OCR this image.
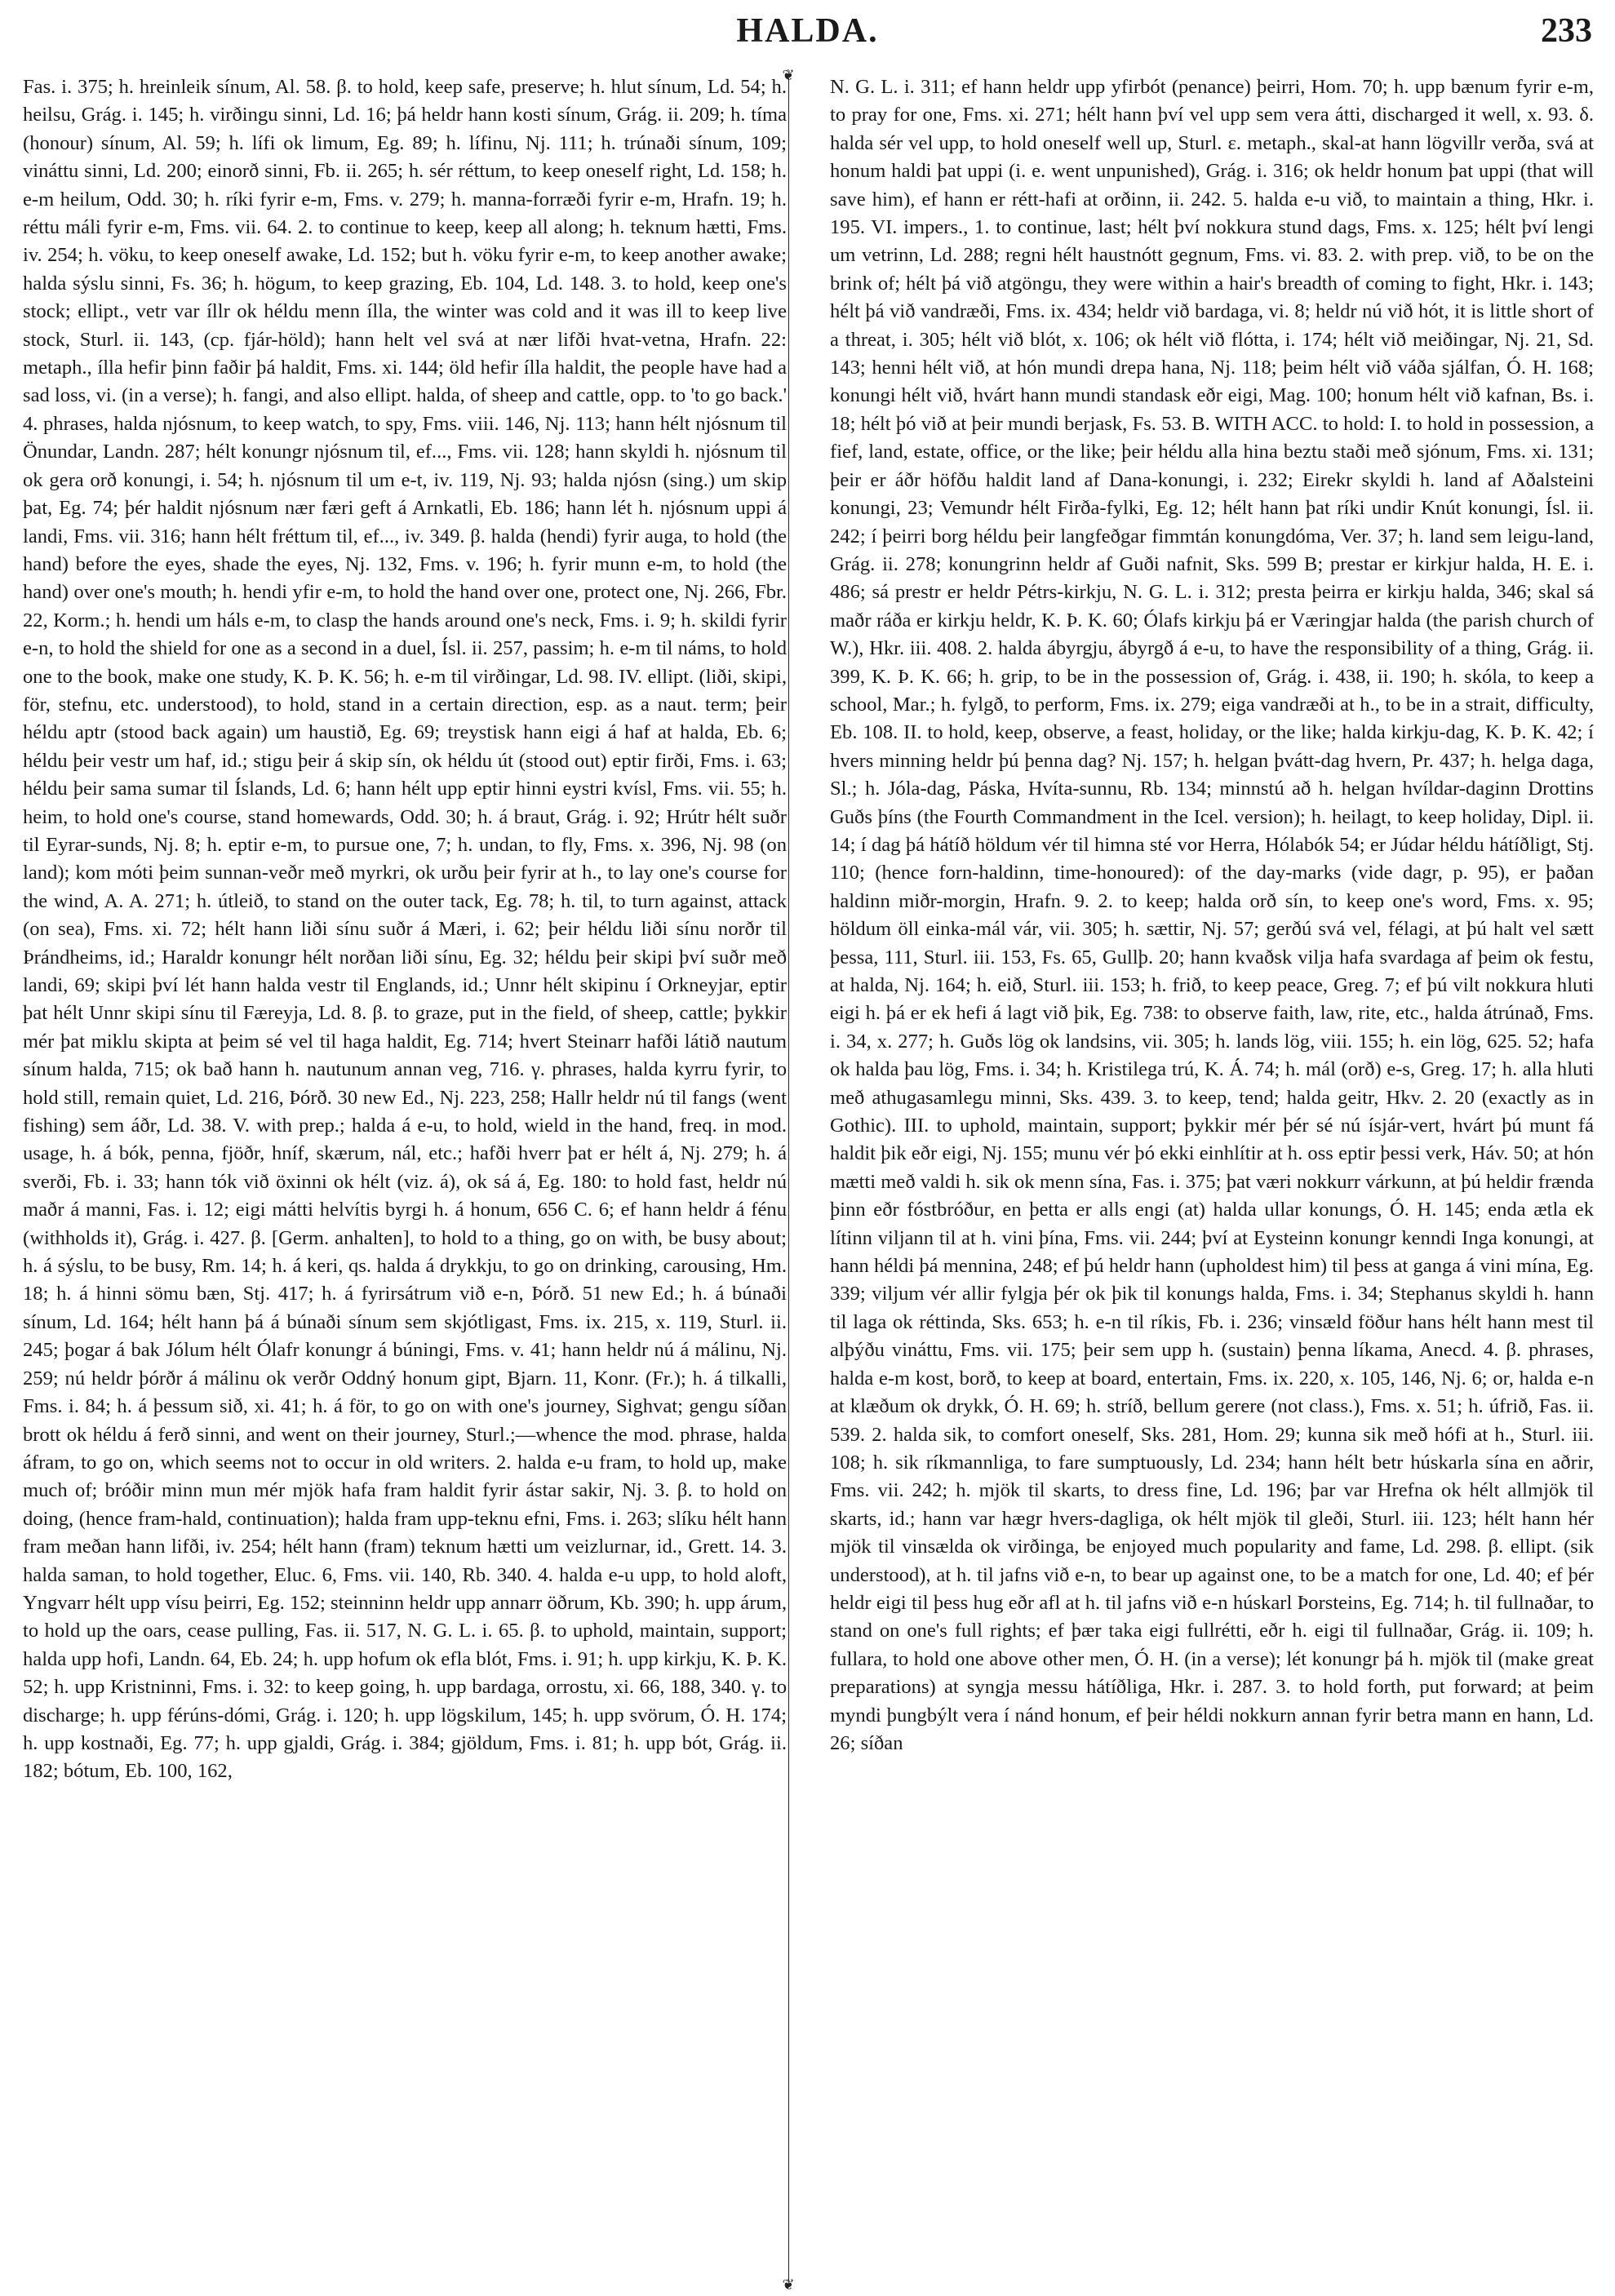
HALDA.	233
❦
❦
Fas. i. 375; h. hreinleik sínum, Al. 58. β. to hold, keep safe, preserve; h. hlut sínum, Ld. 54; h. heilsu, Grág. i. 145; h. virðingu sinni, Ld. 16; þá heldr hann kosti sínum, Grág. ii. 209; h. tíma (honour) sínum, Al. 59; h. lífi ok limum, Eg. 89; h. lífinu, Nj. 111; h. trúnaði sínum, 109; vináttu sinni, Ld. 200; einorð sinni, Fb. ii. 265; h. sér réttum, to keep oneself right, Ld. 158; h. e-m heilum, Odd. 30; h. ríki fyrir e-m, Fms. v. 279; h. manna-forræði fyrir e-m, Hrafn. 19; h. réttu máli fyrir e-m, Fms. vii. 64. 2. to continue to keep, keep all along; h. teknum hætti, Fms. iv. 254; h. vöku, to keep oneself awake, Ld. 152; but h. vöku fyrir e-m, to keep another awake; halda sýslu sinni, Fs. 36; h. högum, to keep grazing, Eb. 104, Ld. 148. 3. to hold, keep one's stock; ellipt., vetr var íllr ok héldu menn ílla, the winter was cold and it was ill to keep live stock, Sturl. ii. 143, (cp. fjár-höld); hann helt vel svá at nær lifði hvat-vetna, Hrafn. 22: metaph., ílla hefir þinn faðir þá haldit, Fms. xi. 144; öld hefir ílla haldit, the people have had a sad loss, vi. (in a verse); h. fangi, and also ellipt. halda, of sheep and cattle, opp. to 'to go back.' 4. phrases, halda njósnum, to keep watch, to spy, Fms. viii. 146, Nj. 113; hann hélt njósnum til Önundar, Landn. 287; hélt konungr njósnum til, ef..., Fms. vii. 128; hann skyldi h. njósnum til ok gera orð konungi, i. 54; h. njósnum til um e-t, iv. 119, Nj. 93; halda njósn (sing.) um skip þat, Eg. 74; þér haldit njósnum nær færi geft á Arnkatli, Eb. 186; hann lét h. njósnum uppi á landi, Fms. vii. 316; hann hélt fréttum til, ef..., iv. 349. β. halda (hendi) fyrir auga, to hold (the hand) before the eyes, shade the eyes, Nj. 132, Fms. v. 196; h. fyrir munn e-m, to hold (the hand) over one's mouth; h. hendi yfir e-m, to hold the hand over one, protect one, Nj. 266, Fbr. 22, Korm.; h. hendi um háls e-m, to clasp the hands around one's neck, Fms. i. 9; h. skildi fyrir e-n, to hold the shield for one as a second in a duel, Ísl. ii. 257, passim; h. e-m til náms, to hold one to the book, make one study, K. Þ. K. 56; h. e-m til virðingar, Ld. 98. IV. ellipt. (liði, skipi, för, stefnu, etc. understood), to hold, stand in a certain direction, esp. as a naut. term; þeir héldu aptr (stood back again) um haustið, Eg. 69; treystisk hann eigi á haf at halda, Eb. 6; héldu þeir vestr um haf, id.; stigu þeir á skip sín, ok héldu út (stood out) eptir firði, Fms. i. 63; héldu þeir sama sumar til Íslands, Ld. 6; hann hélt upp eptir hinni eystri kvísl, Fms. vii. 55; h. heim, to hold one's course, stand homewards, Odd. 30; h. á braut, Grág. i. 92; Hrútr hélt suðr til Eyrar-sunds, Nj. 8; h. eptir e-m, to pursue one, 7; h. undan, to fly, Fms. x. 396, Nj. 98 (on land); kom móti þeim sunnan-veðr með myrkri, ok urðu þeir fyrir at h., to lay one's course for the wind, A. A. 271; h. útleið, to stand on the outer tack, Eg. 78; h. til, to turn against, attack (on sea), Fms. xi. 72; hélt hann liði sínu suðr á Mæri, i. 62; þeir héldu liði sínu norðr til Þrándheims, id.; Haraldr konungr hélt norðan liði sínu, Eg. 32; héldu þeir skipi því suðr með landi, 69; skipi því lét hann halda vestr til Englands, id.; Unnr hélt skipinu í Orkneyjar, eptir þat hélt Unnr skipi sínu til Færeyja, Ld. 8. β. to graze, put in the field, of sheep, cattle; þykkir mér þat miklu skipta at þeim sé vel til haga haldit, Eg. 714; hvert Steinarr hafði látið nautum sínum halda, 715; ok bað hann h. nautunum annan veg, 716. γ. phrases, halda kyrru fyrir, to hold still, remain quiet, Ld. 216, Þórð. 30 new Ed., Nj. 223, 258; Hallr heldr nú til fangs (went fishing) sem áðr, Ld. 38. V. with prep.; halda á e-u, to hold, wield in the hand, freq. in mod. usage, h. á bók, penna, fjöðr, hníf, skærum, nál, etc.; hafði hverr þat er hélt á, Nj. 279; h. á sverði, Fb. i. 33; hann tók við öxinni ok hélt (viz. á), ok sá á, Eg. 180: to hold fast, heldr nú maðr á manni, Fas. i. 12; eigi mátti helvítis byrgi h. á honum, 656 C. 6; ef hann heldr á fénu (withholds it), Grág. i. 427. β. [Germ. anhalten], to hold to a thing, go on with, be busy about; h. á sýslu, to be busy, Rm. 14; h. á keri, qs. halda á drykkju, to go on drinking, carousing, Hm. 18; h. á hinni sömu bæn, Stj. 417; h. á fyrirsátrum við e-n, Þórð. 51 new Ed.; h. á búnaði sínum, Ld. 164; hélt hann þá á búnaði sínum sem skjótligast, Fms. ix. 215, x. 119, Sturl. ii. 245; þogar á bak Jólum hélt Ólafr konungr á búningi, Fms. v. 41; hann heldr nú á málinu, Nj. 259; nú heldr þórðr á málinu ok verðr Oddný honum gipt, Bjarn. 11, Konr. (Fr.); h. á tilkalli, Fms. i. 84; h. á þessum sið, xi. 41; h. á för, to go on with one's journey, Sighvat; gengu síðan brott ok héldu á ferð sinni, and went on their journey, Sturl.;—whence the mod. phrase, halda áfram, to go on, which seems not to occur in old writers. 2. halda e-u fram, to hold up, make much of; bróðir minn mun mér mjök hafa fram haldit fyrir ástar sakir, Nj. 3. β. to hold on doing, (hence fram-hald, continuation); halda fram upp-teknu efni, Fms. i. 263; slíku hélt hann fram meðan hann lifði, iv. 254; hélt hann (fram) teknum hætti um veizlurnar, id., Grett. 14. 3. halda saman, to hold together, Eluc. 6, Fms. vii. 140, Rb. 340. 4. halda e-u upp, to hold aloft, Yngvarr hélt upp vísu þeirri, Eg. 152; steinninn heldr upp annarr öðrum, Kb. 390; h. upp árum, to hold up the oars, cease pulling, Fas. ii. 517, N. G. L. i. 65. β. to uphold, maintain, support; halda upp hofi, Landn. 64, Eb. 24; h. upp hofum ok efla blót, Fms. i. 91; h. upp kirkju, K. Þ. K. 52; h. upp Kristninni, Fms. i. 32: to keep going, h. upp bardaga, orrostu, xi. 66, 188, 340. γ. to discharge; h. upp férúns-dómi, Grág. i. 120; h. upp lögskilum, 145; h. upp svörum, Ó. H. 174; h. upp kostnaði, Eg. 77; h. upp gjaldi, Grág. i. 384; gjöldum, Fms. i. 81; h. upp bót, Grág. ii. 182; bótum, Eb. 100, 162,
N. G. L. i. 311; ef hann heldr upp yfirbót (penance) þeirri, Hom. 70; h. upp bænum fyrir e-m, to pray for one, Fms. xi. 271; hélt hann því vel upp sem vera átti, discharged it well, x. 93. δ. halda sér vel upp, to hold oneself well up, Sturl. ε. metaph., skal-at hann lögvillr verða, svá at honum haldi þat uppi (i. e. went unpunished), Grág. i. 316; ok heldr honum þat uppi (that will save him), ef hann er rétt-hafi at orðinn, ii. 242. 5. halda e-u við, to maintain a thing, Hkr. i. 195. VI. impers., 1. to continue, last; hélt því nokkura stund dags, Fms. x. 125; hélt því lengi um vetrinn, Ld. 288; regni hélt haustnótt gegnum, Fms. vi. 83. 2. with prep. við, to be on the brink of; hélt þá við atgöngu, they were within a hair's breadth of coming to fight, Hkr. i. 143; hélt þá við vandræði, Fms. ix. 434; heldr við bardaga, vi. 8; heldr nú við hót, it is little short of a threat, i. 305; hélt við blót, x. 106; ok hélt við flótta, i. 174; hélt við meiðingar, Nj. 21, Sd. 143; henni hélt við, at hón mundi drepa hana, Nj. 118; þeim hélt við váða sjálfan, Ó. H. 168; konungi hélt við, hvárt hann mundi standask eðr eigi, Mag. 100; honum hélt við kafnan, Bs. i. 18; hélt þó við at þeir mundi berjask, Fs. 53. B. WITH ACC. to hold: I. to hold in possession, a fief, land, estate, office, or the like; þeir héldu alla hina beztu staði með sjónum, Fms. xi. 131; þeir er áðr höfðu haldit land af Dana-konungi, i. 232; Eirekr skyldi h. land af Aðalsteini konungi, 23; Vemundr hélt Firða-fylki, Eg. 12; hélt hann þat ríki undir Knút konungi, Ísl. ii. 242; í þeirri borg héldu þeir langfeðgar fimmtán konungdóma, Ver. 37; h. land sem leigu-land, Grág. ii. 278; konungrinn heldr af Guði nafnit, Sks. 599 B; prestar er kirkjur halda, H. E. i. 486; sá prestr er heldr Pétrs-kirkju, N. G. L. i. 312; presta þeirra er kirkju halda, 346; skal sá maðr ráða er kirkju heldr, K. Þ. K. 60; Ólafs kirkju þá er Væringjar halda (the parish church of W.), Hkr. iii. 408. 2. halda ábyrgju, ábyrgð á e-u, to have the responsibility of a thing, Grág. ii. 399, K. Þ. K. 66; h. grip, to be in the possession of, Grág. i. 438, ii. 190; h. skóla, to keep a school, Mar.; h. fylgð, to perform, Fms. ix. 279; eiga vandræði at h., to be in a strait, difficulty, Eb. 108. II. to hold, keep, observe, a feast, holiday, or the like; halda kirkju-dag, K. Þ. K. 42; í hvers minning heldr þú þenna dag? Nj. 157; h. helgan þvátt-dag hvern, Pr. 437; h. helga daga, Sl.; h. Jóla-dag, Páska, Hvíta-sunnu, Rb. 134; minnstú að h. helgan hvíldar-daginn Drottins Guðs þíns (the Fourth Commandment in the Icel. version); h. heilagt, to keep holiday, Dipl. ii. 14; í dag þá hátíð höldum vér til himna sté vor Herra, Hólabók 54; er Júdar héldu hátíðligt, Stj. 110; (hence forn-haldinn, time-honoured): of the day-marks (vide dagr, p. 95), er þaðan haldinn miðr-morgin, Hrafn. 9. 2. to keep; halda orð sín, to keep one's word, Fms. x. 95; höldum öll einka-mál vár, vii. 305; h. sættir, Nj. 57; gerðú svá vel, félagi, at þú halt vel sætt þessa, 111, Sturl. iii. 153, Fs. 65, Gullþ. 20; hann kvaðsk vilja hafa svardaga af þeim ok festu, at halda, Nj. 164; h. eið, Sturl. iii. 153; h. frið, to keep peace, Greg. 7; ef þú vilt nokkura hluti eigi h. þá er ek hefi á lagt við þik, Eg. 738: to observe faith, law, rite, etc., halda átrúnað, Fms. i. 34, x. 277; h. Guðs lög ok landsins, vii. 305; h. lands lög, viii. 155; h. ein lög, 625. 52; hafa ok halda þau lög, Fms. i. 34; h. Kristilega trú, K. Á. 74; h. mál (orð) e-s, Greg. 17; h. alla hluti með athugasamlegu minni, Sks. 439. 3. to keep, tend; halda geitr, Hkv. 2. 20 (exactly as in Gothic). III. to uphold, maintain, support; þykkir mér þér sé nú ísjár-vert, hvárt þú munt fá haldit þik eðr eigi, Nj. 155; munu vér þó ekki einhlítir at h. oss eptir þessi verk, Háv. 50; at hón mætti með valdi h. sik ok menn sína, Fas. i. 375; þat væri nokkurr várkunn, at þú heldir frænda þinn eðr fóstbróður, en þetta er alls engi (at) halda ullar konungs, Ó. H. 145; enda ætla ek lítinn viljann til at h. vini þína, Fms. vii. 244; því at Eysteinn konungr kenndi Inga konungi, at hann héldi þá mennina, 248; ef þú heldr hann (upholdest him) til þess at ganga á vini mína, Eg. 339; viljum vér allir fylgja þér ok þik til konungs halda, Fms. i. 34; Stephanus skyldi h. hann til laga ok réttinda, Sks. 653; h. e-n til ríkis, Fb. i. 236; vinsæld föður hans hélt hann mest til alþýðu vináttu, Fms. vii. 175; þeir sem upp h. (sustain) þenna líkama, Anecd. 4. β. phrases, halda e-m kost, borð, to keep at board, entertain, Fms. ix. 220, x. 105, 146, Nj. 6; or, halda e-n at klæðum ok drykk, Ó. H. 69; h. stríð, bellum gerere (not class.), Fms. x. 51; h. úfrið, Fas. ii. 539. 2. halda sik, to comfort oneself, Sks. 281, Hom. 29; kunna sik með hófi at h., Sturl. iii. 108; h. sik ríkmannliga, to fare sumptuously, Ld. 234; hann hélt betr húskarla sína en aðrir, Fms. vii. 242; h. mjök til skarts, to dress fine, Ld. 196; þar var Hrefna ok hélt allmjök til skarts, id.; hann var hægr hvers-dagliga, ok hélt mjök til gleði, Sturl. iii. 123; hélt hann hér mjök til vinsælda ok virðinga, be enjoyed much popularity and fame, Ld. 298. β. ellipt. (sik understood), at h. til jafns við e-n, to bear up against one, to be a match for one, Ld. 40; ef þér heldr eigi til þess hug eðr afl at h. til jafns við e-n húskarl Þorsteins, Eg. 714; h. til fullnaðar, to stand on one's full rights; ef þær taka eigi fullrétti, eðr h. eigi til fullnaðar, Grág. ii. 109; h. fullara, to hold one above other men, Ó. H. (in a verse); lét konungr þá h. mjök til (make great preparations) at syngja messu hátíðliga, Hkr. i. 287. 3. to hold forth, put forward; at þeim myndi þungbýlt vera í nánd honum, ef þeir héldi nokkurn annan fyrir betra mann en hann, Ld. 26; síðan
